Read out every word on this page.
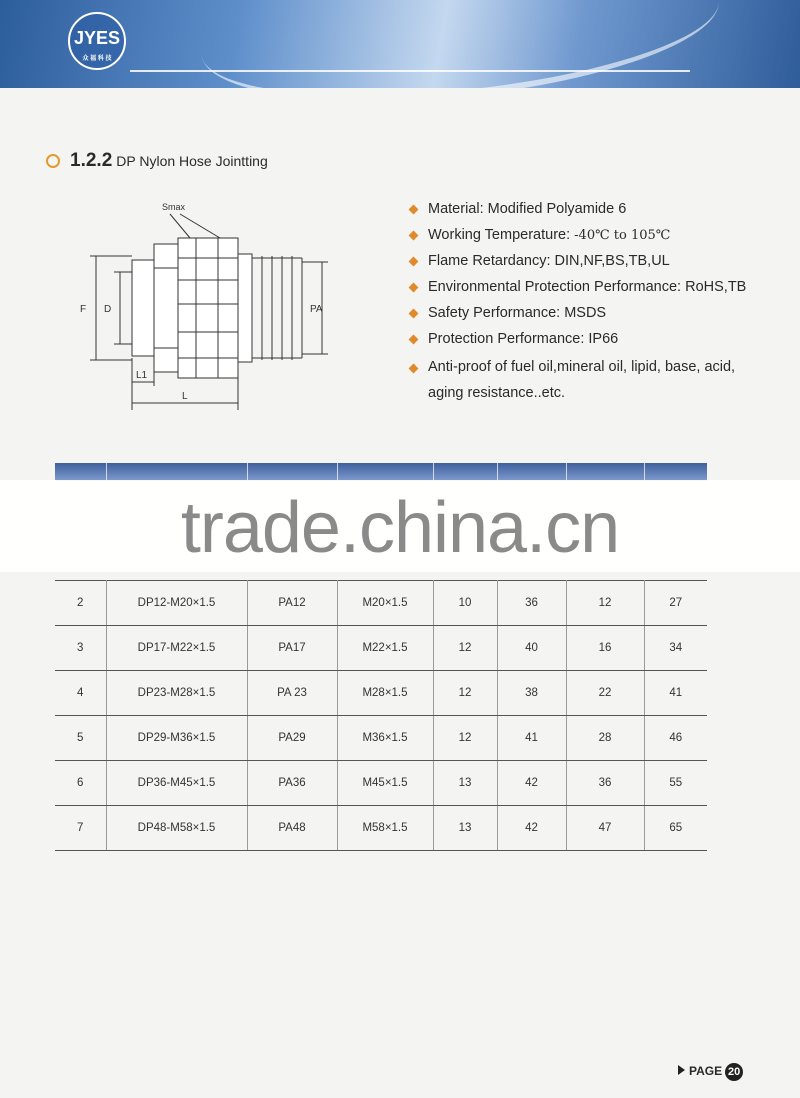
JYES
众 福 科 技
1.2.2 DP Nylon Hose Jointting
Smax
F D	PA
L1
L
Material: Modified Polyamide 6
Working Temperature: -40℃ to 105℃
Flame Retardancy: DIN,NF,BS,TB,UL
Environmental Protection Performance: RoHS,TB
Safety Performance: MSDS
Protection Performance: IP66
Anti-proof of fuel oil,mineral oil, lipid, base, acid,
aging resistance..etc.
trade.china.cn
2	DP12-M20×1.5	PA12	M20×1.5	10	36	12	27
3	DP17-M22×1.5	PA17	M22×1.5	12	40	16	34
4	DP23-M28×1.5	PA 23	M28×1.5	12	38	22	41
5	DP29-M36×1.5	PA29	M36×1.5	12	41	28	46
6	DP36-M45×1.5	PA36	M45×1.5	13	42	36	55
7	DP48-M58×1.5	PA48	M58×1.5	13	42	47	65
PAGE 20
